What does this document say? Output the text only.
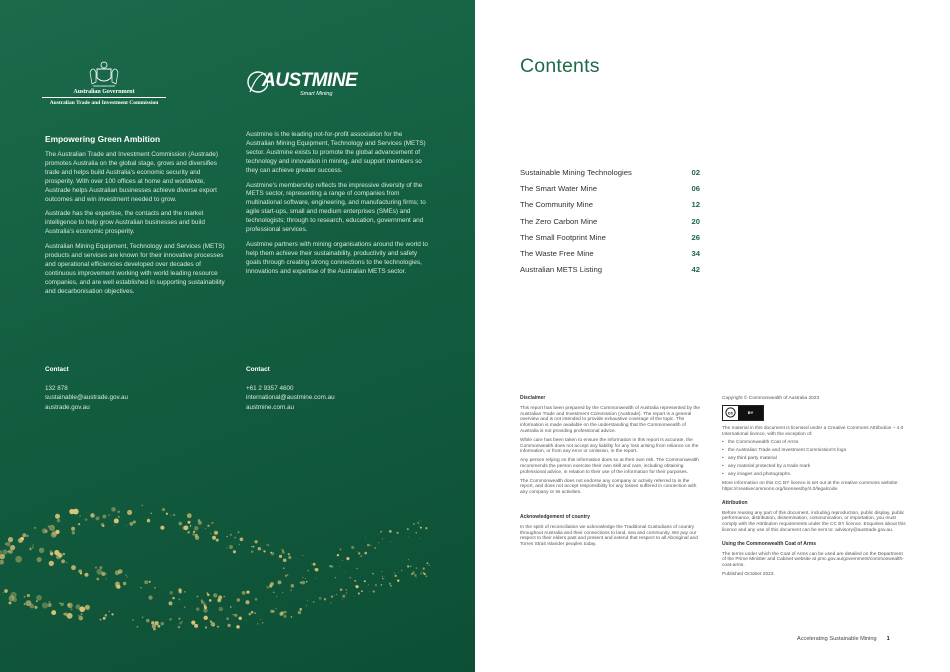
Australian Government
Australian Trade and Investment Commission
AUSTMINE
Smart Mining
Empowering Green Ambition

The Australian Trade and Investment Commission (Austrade) promotes Australia on the global stage, grows and diversifies trade and helps build Australia's economic security and prosperity. With over 100 offices at home and worldwide, Austrade helps Australian businesses achieve diverse export outcomes and win investment needed to grow.

Austrade has the expertise, the contacts and the market intelligence to help grow Australian businesses and build Australia's economic prosperity.

Australian Mining Equipment, Technology and Services (METS) products and services are known for their innovative processes and operational efficiencies developed over decades of continuous improvement working with world leading resource companies, and are well established in supporting sustainability and decarbonisation objectives.

Austmine is the leading not-for-profit association for the Australian Mining Equipment, Technology and Services (METS) sector. Austmine exists to promote the global advancement of technology and innovation in mining, and support members so they can achieve greater success.

Austmine's membership reflects the impressive diversity of the METS sector, representing a range of companies from multinational software, engineering, and manufacturing firms; to agile start-ups, small and medium enterprises (SMEs) and technologists; through to research, education, government and professional services.

Austmine partners with mining organisations around the world to help them achieve their sustainability, productivity and safety goals through creating strong connections to the technologies, innovations and expertise of the Australian METS sector.

Contact
132 878
sustainable@austrade.gov.au
austrade.gov.au
Contact
+61 2 9357 4600
international@austmine.com.au
austmine.com.au
Contents
Sustainable Mining Technologies	02
The Smart Water Mine	06
The Community Mine	12
The Zero Carbon Mine	20
The Small Footprint Mine	26
The Waste Free Mine	34
Australian METS Listing	42
Disclaimer

This report has been prepared by the Commonwealth of Australia represented by the Australian Trade and Investment Commission (Austrade). The report is a general overview and is not intended to provide exhaustive coverage of the topic. The information is made available on the understanding that the Commonwealth of Australia is not providing professional advice.

While care has been taken to ensure the information in this report is accurate, the Commonwealth does not accept any liability for any loss arising from reliance on the information, or from any error or omission, in the report.

Any person relying on this information does so at their own risk. The Commonwealth recommends the person exercise their own skill and care, including obtaining professional advice, in relation to their use of the information for their purposes.

The Commonwealth does not endorse any company or activity referred to in the report, and does not accept responsibility for any losses suffered in connection with any company or its activities.

Acknowledgement of country

In the spirit of reconciliation we acknowledge the Traditional Custodians of country throughout Australia and their connections to land, sea and community. We pay our respect to their elders past and present and extend that respect to all Aboriginal and Torres Strait Islander peoples today.

Copyright © Commonwealth of Australia 2023
cc	BY

The material in this document is licensed under a Creative Commons Attribution – 4.0 International licence, with the exception of:

• the Commonwealth Coat of Arms
• the Australian Trade and Investment Commission's logo
• any third party material
• any material protected by a trade mark
• any images and photographs.

More information on this CC BY licence is set out at the creative commons website: https://creativecommons.org/licenses/by/4.0/legalcode.

Attribution

Before reusing any part of this document, including reproduction, public display, public performance, distribution, dissemination, communication, or importation, you must comply with the Attribution requirements under the CC BY licence. Enquiries about this licence and any use of this document can be sent to: advisory@austrade.gov.au.

Using the Commonwealth Coat of Arms

The terms under which the Coat of Arms can be used are detailed on the Department of the Prime Minister and Cabinet website at pmc.gov.au/government/commonwealth-coat-arms.

Published October 2023.

Accelerating Sustainable Mining 1
